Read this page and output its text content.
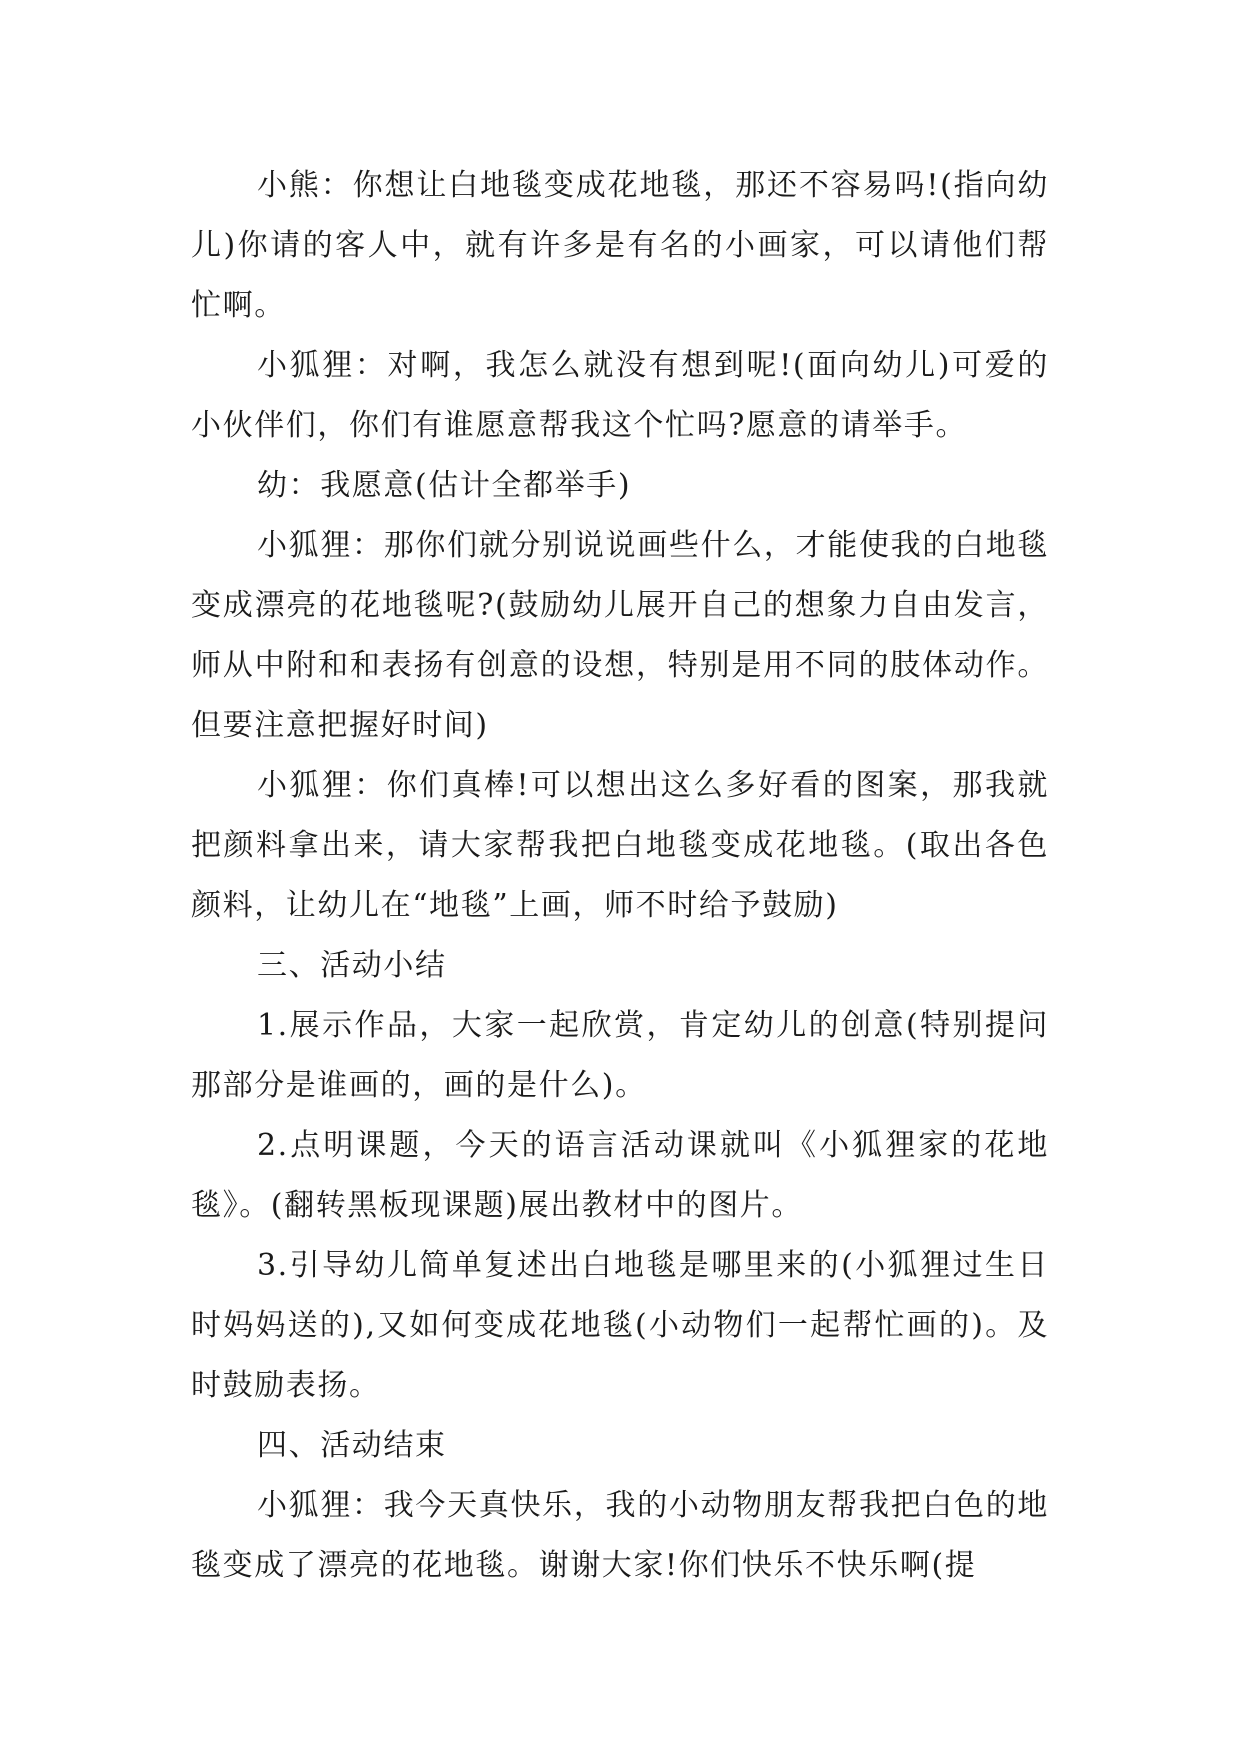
小熊：你想让白地毯变成花地毯，那还不容易吗!(指向幼儿)你请的客人中，就有许多是有名的小画家，可以请他们帮忙啊。

小狐狸：对啊，我怎么就没有想到呢!(面向幼儿)可爱的小伙伴们，你们有谁愿意帮我这个忙吗?愿意的请举手。

幼：我愿意(估计全都举手)

小狐狸：那你们就分别说说画些什么，才能使我的白地毯变成漂亮的花地毯呢?(鼓励幼儿展开自己的想象力自由发言，师从中附和和表扬有创意的设想，特别是用不同的肢体动作。但要注意把握好时间)

小狐狸：你们真棒!可以想出这么多好看的图案，那我就把颜料拿出来，请大家帮我把白地毯变成花地毯。(取出各色颜料，让幼儿在“地毯”上画，师不时给予鼓励)

三、活动小结

1.展示作品，大家一起欣赏，肯定幼儿的创意(特别提问那部分是谁画的，画的是什么)。

2.点明课题，今天的语言活动课就叫《小狐狸家的花地毯》。(翻转黑板现课题)展出教材中的图片。

3.引导幼儿简单复述出白地毯是哪里来的(小狐狸过生日时妈妈送的),又如何变成花地毯(小动物们一起帮忙画的)。及时鼓励表扬。

四、活动结束

小狐狸：我今天真快乐，我的小动物朋友帮我把白色的地毯变成了漂亮的花地毯。谢谢大家!你们快乐不快乐啊(提
